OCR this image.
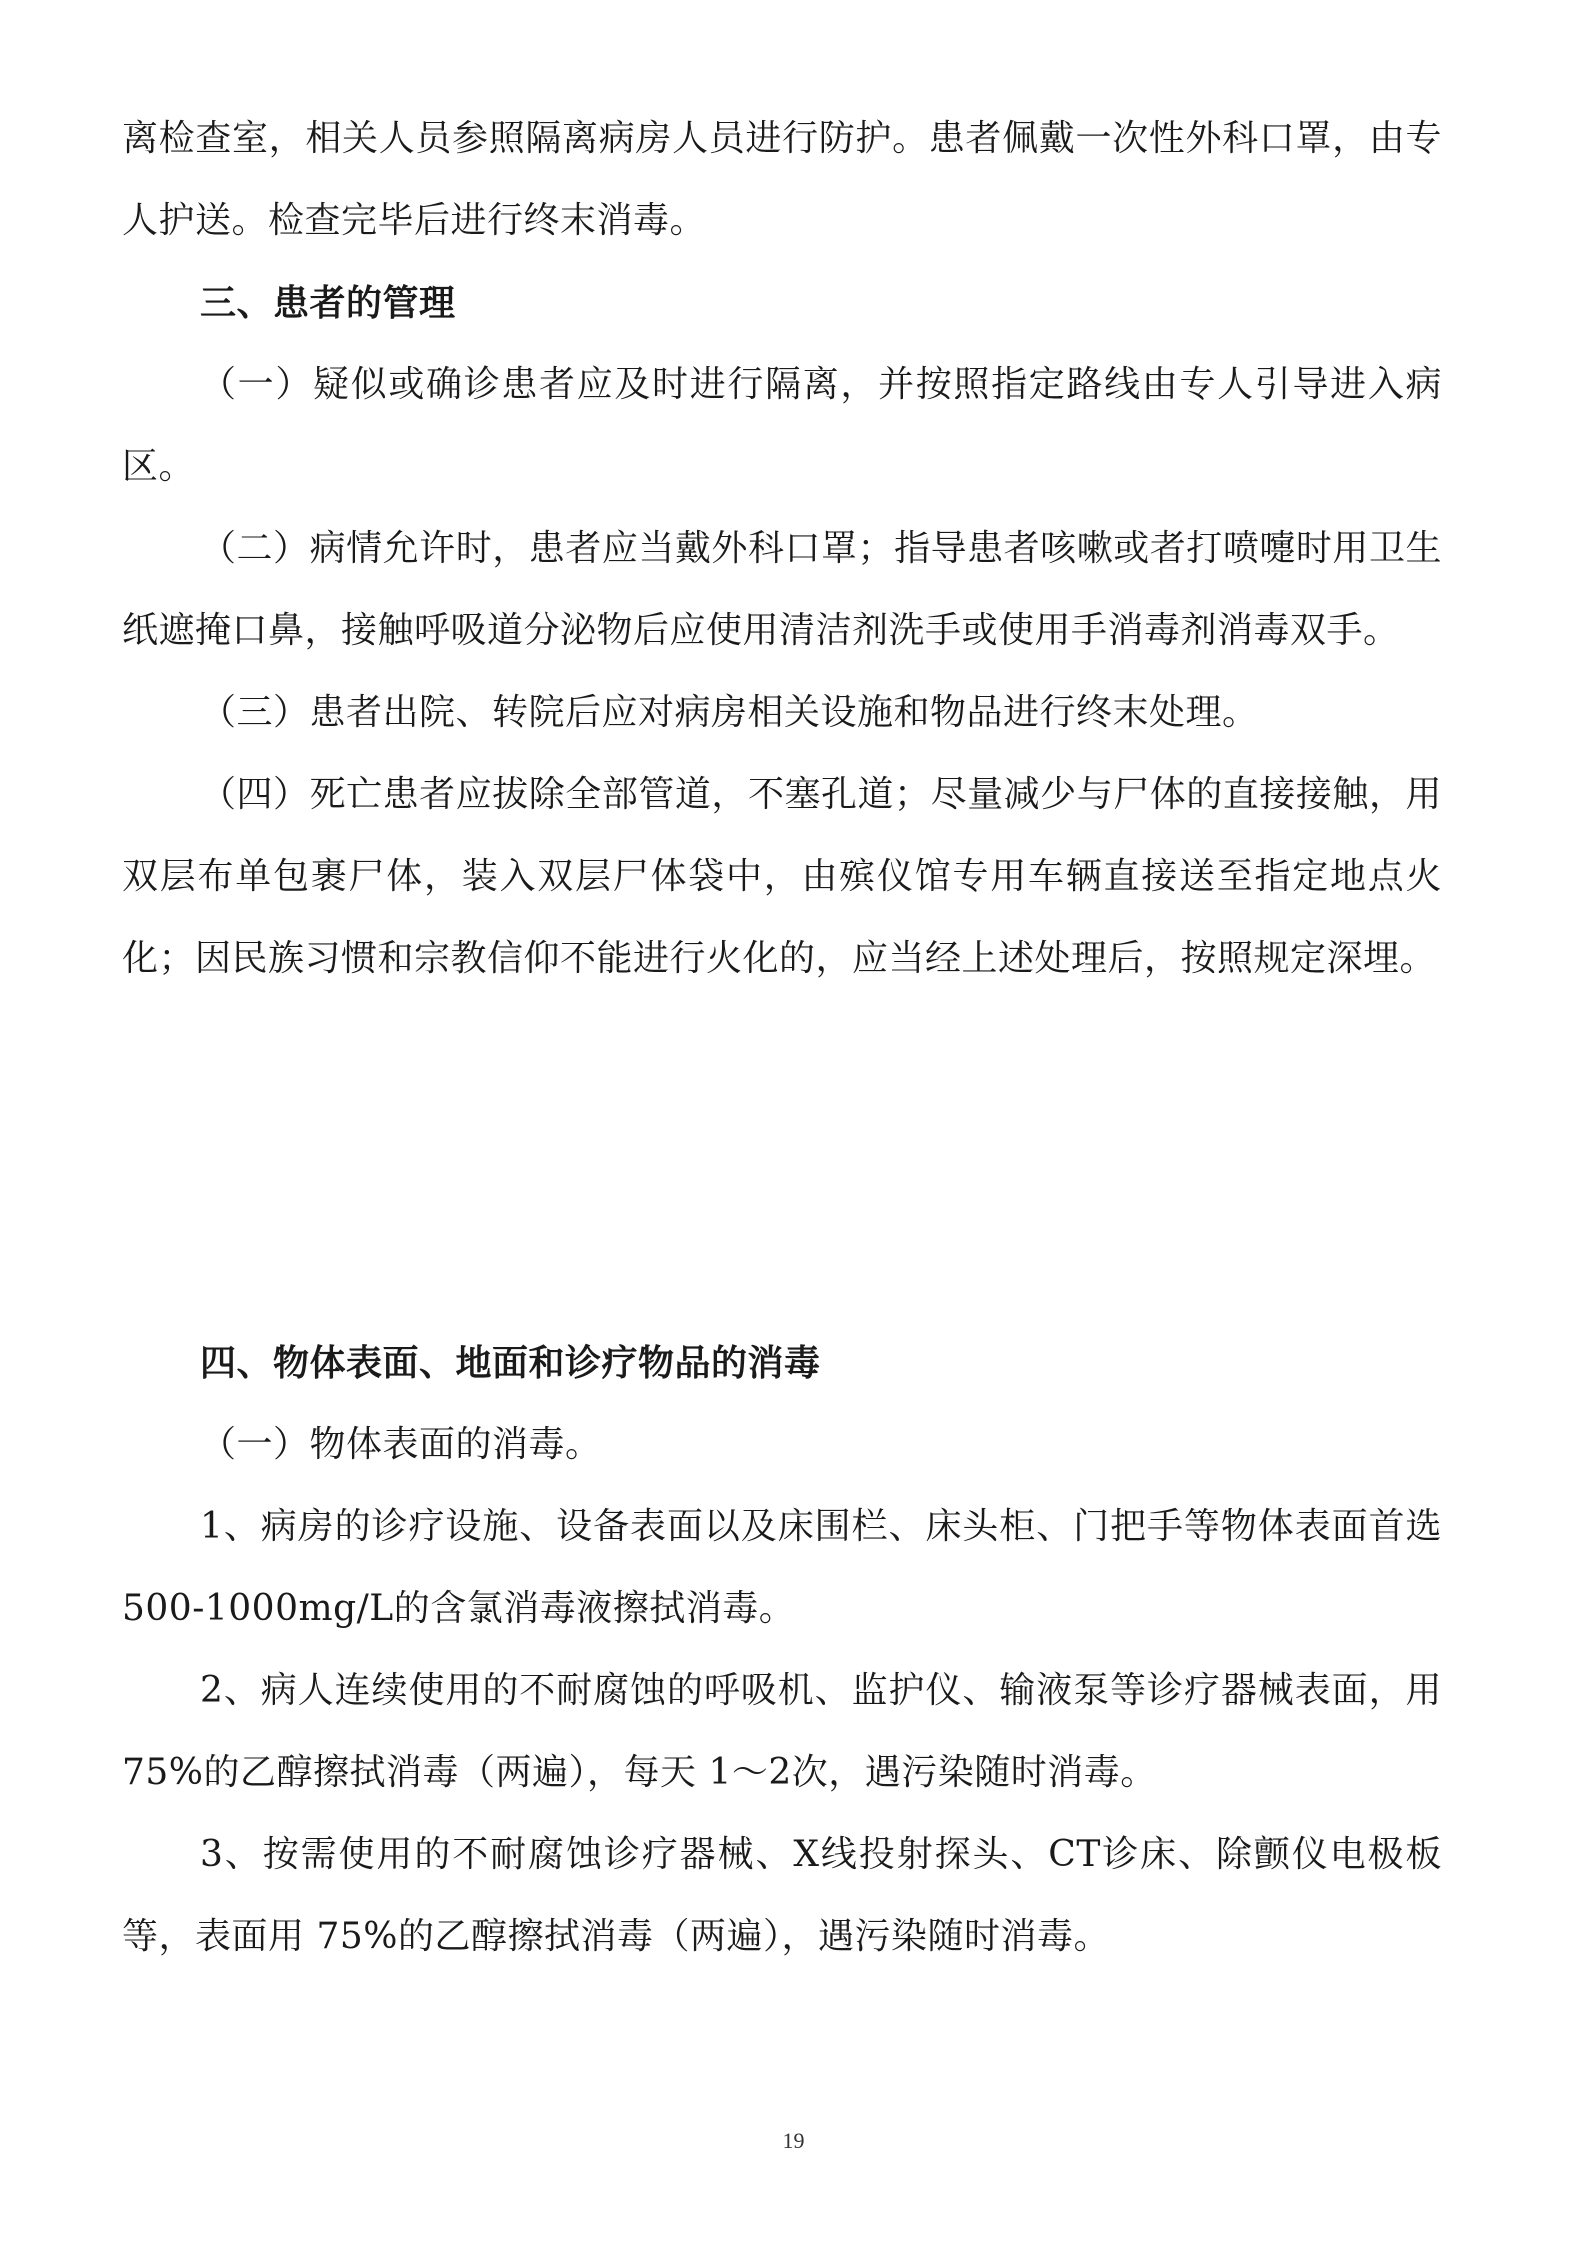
离检查室，相关人员参照隔离病房人员进行防护。患者佩戴一次性外科口罩，由专人护送。检查完毕后进行终末消毒。

三、患者的管理

（一）疑似或确诊患者应及时进行隔离，并按照指定路线由专人引导进入病区。

（二）病情允许时，患者应当戴外科口罩；指导患者咳嗽或者打喷嚏时用卫生纸遮掩口鼻，接触呼吸道分泌物后应使用清洁剂洗手或使用手消毒剂消毒双手。

（三）患者出院、转院后应对病房相关设施和物品进行终末处理。

（四）死亡患者应拔除全部管道，不塞孔道；尽量减少与尸体的直接接触，用双层布单包裹尸体，装入双层尸体袋中，由殡仪馆专用车辆直接送至指定地点火化；因民族习惯和宗教信仰不能进行火化的，应当经上述处理后，按照规定深埋。

四、物体表面、地面和诊疗物品的消毒

（一）物体表面的消毒。

1、病房的诊疗设施、设备表面以及床围栏、床头柜、门把手等物体表面首选 500-1000mg/L的含氯消毒液擦拭消毒。

2、病人连续使用的不耐腐蚀的呼吸机、监护仪、输液泵等诊疗器械表面，用 75%的乙醇擦拭消毒（两遍），每天 1～2次，遇污染随时消毒。

3、按需使用的不耐腐蚀诊疗器械、X线投射探头、CT诊床、除颤仪电极板等，表面用 75%的乙醇擦拭消毒（两遍），遇污染随时消毒。

19
